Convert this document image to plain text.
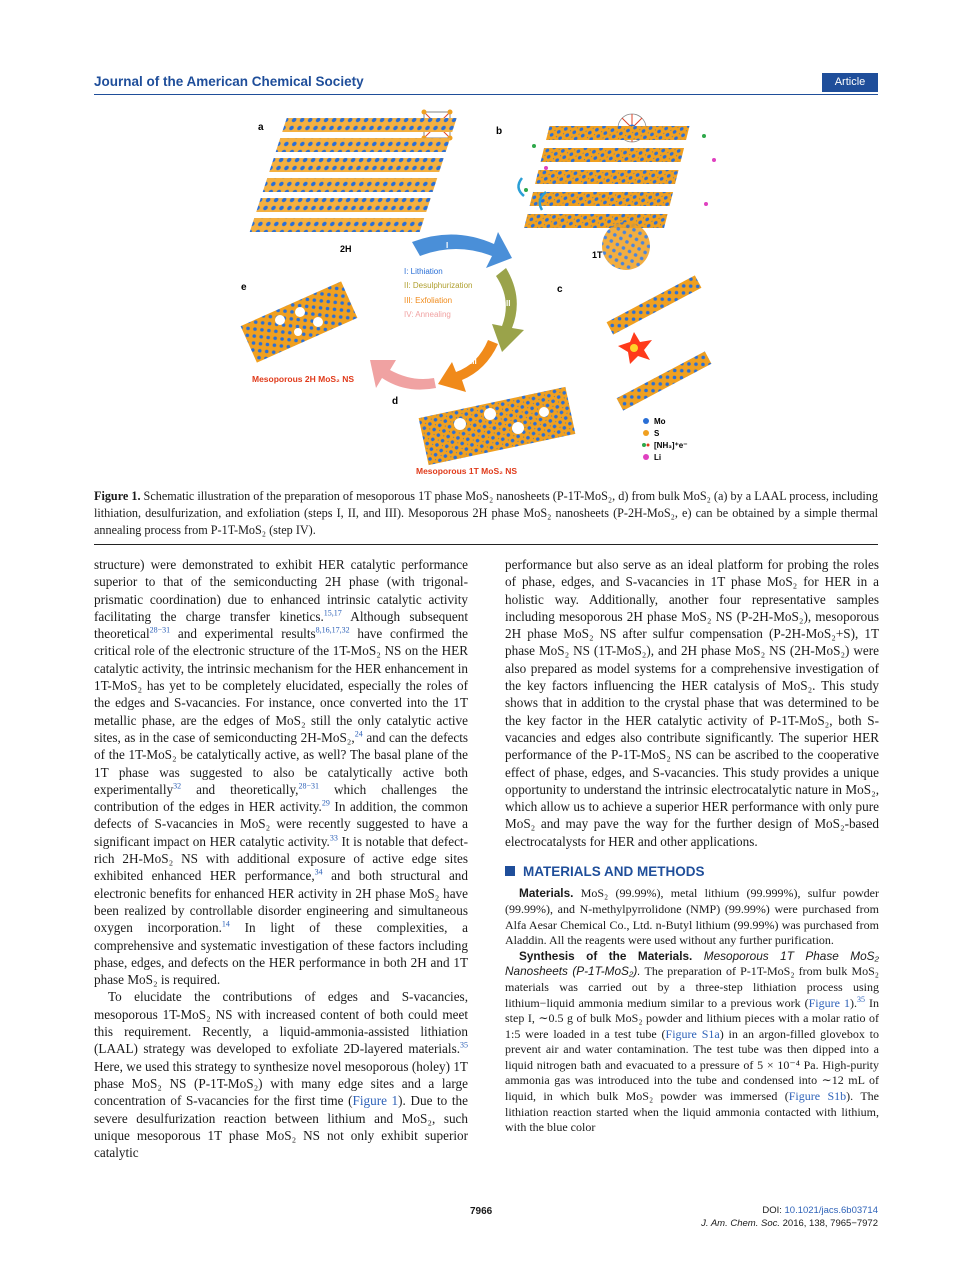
Journal of the American Chemical Society	Article
a
2H
b
1T
I
II
III
IV
I: Lithiation
II: Desulphurization
III: Exfoliation
IV: Annealing
c
e
Mesoporous 2H MoS₂ NS
d
Mesoporous 1T MoS₂ NS
Mo
S
[NH₃]⁺e⁻
Li
Figure 1. Schematic illustration of the preparation of mesoporous 1T phase MoS₂ nanosheets (P-1T-MoS₂, d) from bulk MoS₂ (a) by a LAAL process, including lithiation, desulfurization, and exfoliation (steps I, II, and III). Mesoporous 2H phase MoS₂ nanosheets (P-2H-MoS₂, e) can be obtained by a simple thermal annealing process from P-1T-MoS₂ (step IV).

structure) were demonstrated to exhibit HER catalytic performance superior to that of the semiconducting 2H phase (with trigonal-prismatic coordination) due to enhanced intrinsic catalytic activity facilitating the charge transfer kinetics.$^{15,17}$ Although subsequent theoretical$^{28-31}$ and experimental results$^{8,16,17,32}$ have confirmed the critical role of the electronic structure of the 1T-MoS₂ NS on the HER catalytic activity, the intrinsic mechanism for the HER enhancement in 1T-MoS₂ has yet to be completely elucidated, especially the roles of the edges and S-vacancies. For instance, once converted into the 1T metallic phase, are the edges of MoS₂ still the only catalytic active sites, as in the case of semiconducting 2H-MoS₂,$^{24}$ and can the defects of the 1T-MoS₂ be catalytically active, as well? The basal plane of the 1T phase was suggested to also be catalytically active both experimentally$^{32}$ and theoretically,$^{28-31}$ which challenges the contribution of the edges in HER activity.$^{29}$ In addition, the common defects of S-vacancies in MoS₂ were recently suggested to have a significant impact on HER catalytic activity.$^{33}$ It is notable that defect-rich 2H-MoS₂ NS with additional exposure of active edge sites exhibited enhanced HER performance,$^{34}$ and both structural and electronic benefits for enhanced HER activity in 2H phase MoS₂ have been realized by controllable disorder engineering and simultaneous oxygen incorporation.$^{14}$ In light of these complexities, a comprehensive and systematic investigation of these factors including phase, edges, and defects on the HER performance in both 2H and 1T phase MoS₂ is required.

To elucidate the contributions of edges and S-vacancies, mesoporous 1T-MoS₂ NS with increased content of both could meet this requirement. Recently, a liquid-ammonia-assisted lithiation (LAAL) strategy was developed to exfoliate 2D-layered materials.$^{35}$ Here, we used this strategy to synthesize novel mesoporous (holey) 1T phase MoS₂ NS (P-1T-MoS₂) with many edge sites and a large concentration of S-vacancies for the first time (Figure 1). Due to the severe desulfurization reaction between lithium and MoS₂, such unique mesoporous 1T phase MoS₂ NS not only exhibit superior catalytic

performance but also serve as an ideal platform for probing the roles of phase, edges, and S-vacancies in 1T phase MoS₂ for HER in a holistic way. Additionally, another four representative samples including mesoporous 2H phase MoS₂ NS (P-2H-MoS₂), mesoporous 2H phase MoS₂ NS after sulfur compensation (P-2H-MoS₂+S), 1T phase MoS₂ NS (1T-MoS₂), and 2H phase MoS₂ NS (2H-MoS₂) were also prepared as model systems for a comprehensive investigation of the key factors influencing the HER catalysis of MoS₂. This study shows that in addition to the crystal phase that was determined to be the key factor in the HER catalytic activity of P-1T-MoS₂, both S-vacancies and edges also contribute significantly. The superior HER performance of the P-1T-MoS₂ NS can be ascribed to the cooperative effect of phase, edges, and S-vacancies. This study provides a unique opportunity to understand the intrinsic electrocatalytic nature in MoS₂, which allow us to achieve a superior HER performance with only pure MoS₂ and may pave the way for the further design of MoS₂-based electrocatalysts for HER and other applications.

MATERIALS AND METHODS

Materials. MoS₂ (99.99%), metal lithium (99.999%), sulfur powder (99.99%), and N-methylpyrrolidone (NMP) (99.99%) were purchased from Alfa Aesar Chemical Co., Ltd. n-Butyl lithium (99.99%) was purchased from Aladdin. All the reagents were used without any further purification.

Synthesis of the Materials. Mesoporous 1T Phase MoS₂ Nanosheets (P-1T-MoS₂). The preparation of P-1T-MoS₂ from bulk MoS₂ materials was carried out by a three-step lithiation process using lithium−liquid ammonia medium similar to a previous work (Figure 1).$^{35}$ In step I, ∼0.5 g of bulk MoS₂ powder and lithium pieces with a molar ratio of 1:5 were loaded in a test tube (Figure S1a) in an argon-filled glovebox to prevent air and water contamination. The test tube was then dipped into a liquid nitrogen bath and evacuated to a pressure of 5 × 10⁻⁴ Pa. High-purity ammonia gas was introduced into the tube and condensed into ∼12 mL of liquid, in which bulk MoS₂ powder was immersed (Figure S1b). The lithiation reaction started when the liquid ammonia contacted with lithium, with the blue color

7966	DOI: 10.1021/jacs.6b03714
J. Am. Chem. Soc. 2016, 138, 7965−7972
